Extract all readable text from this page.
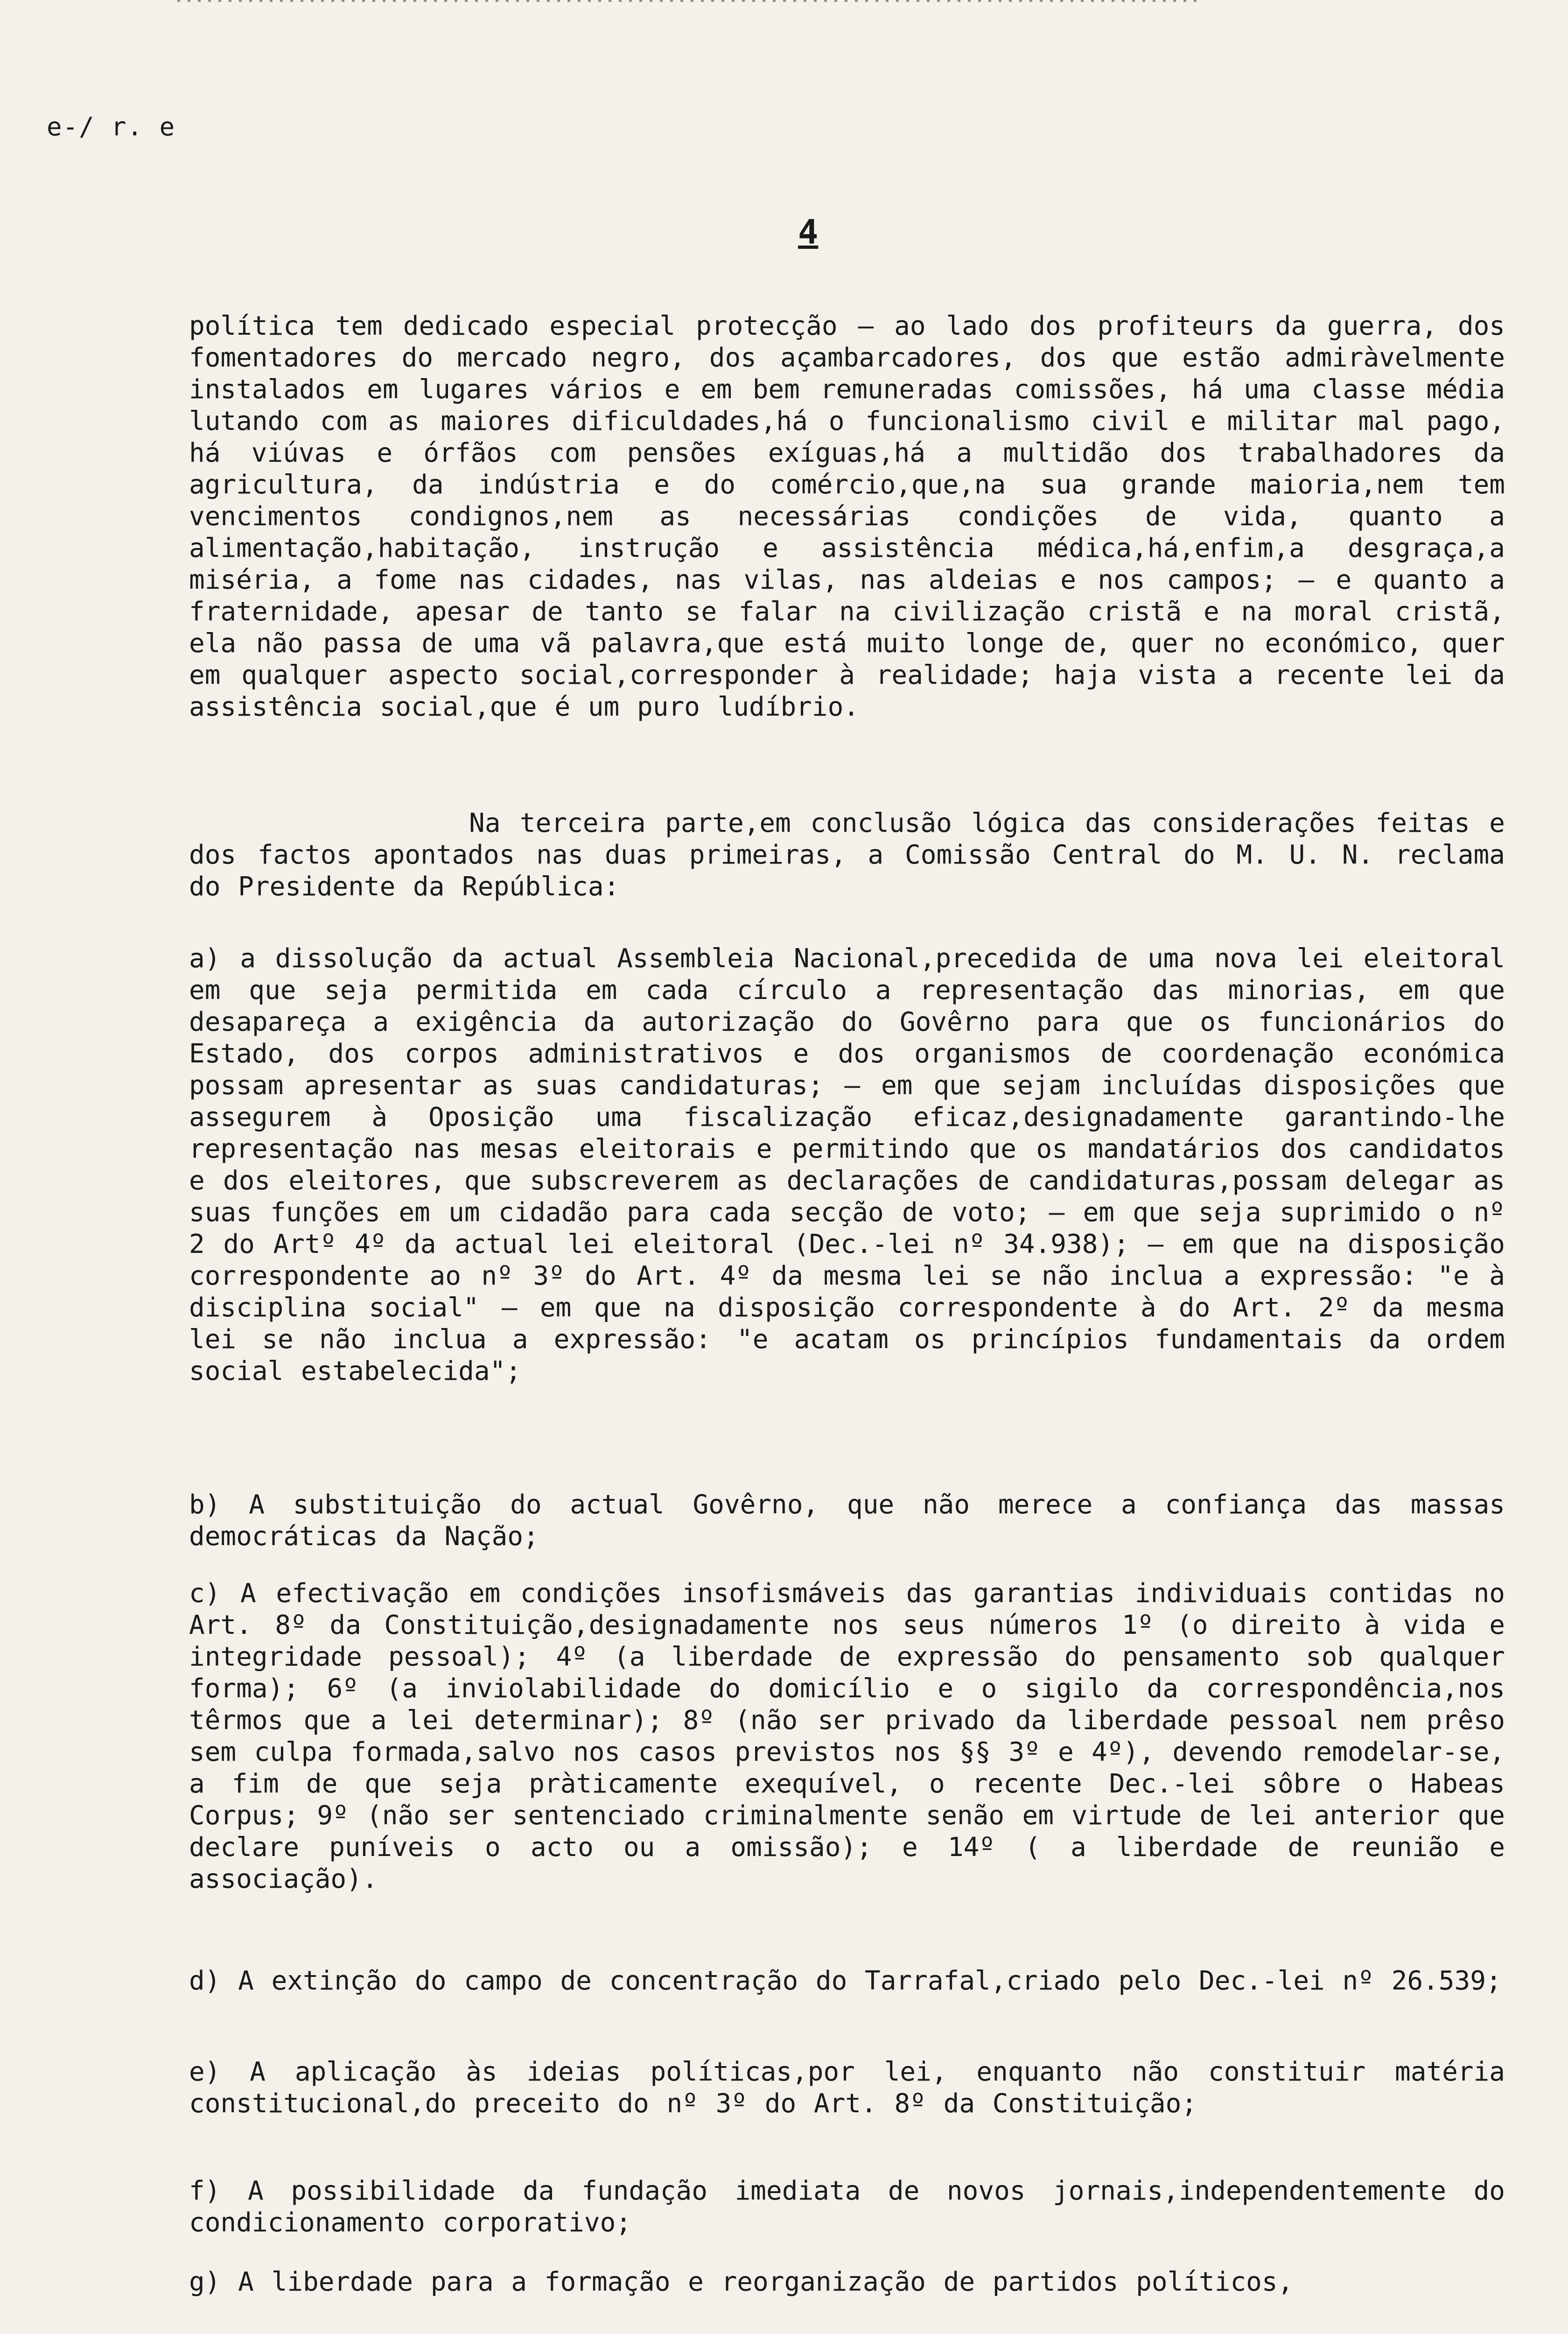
e-/ r. e
4

política tem dedicado especial protecção — ao lado dos profiteurs da guerra, dos fomentadores do mercado negro, dos açambarcadores, dos que estão admiràvelmente instalados em lugares vários e em bem remuneradas comissões, há uma classe média lutando com as maiores dificuldades,há o funcionalismo civil e militar mal pago, há viúvas e órfãos com pensões exíguas,há a multidão dos trabalhadores da agricultura, da indústria e do comércio,que,na sua grande maioria,nem tem vencimentos condignos,nem as necessárias condições de vida, quanto a alimentação,habitação, instrução e assistência médica,há,enfim,a desgraça,a miséria, a fome nas cidades, nas vilas, nas aldeias e nos campos; — e quanto a fraternidade, apesar de tanto se falar na civilização cristã e na moral cristã, ela não passa de uma vã palavra,que está muito longe de, quer no económico, quer em qualquer aspecto social,corresponder à realidade; haja vista a recente lei da assistência social,que é um puro ludíbrio.

Na terceira parte,em conclusão lógica das considerações feitas e dos factos apontados nas duas primeiras, a Comissão Central do M. U. N. reclama do Presidente da República:

a) a dissolução da actual Assembleia Nacional,precedida de uma nova lei eleitoral em que seja permitida em cada círculo a representação das minorias, em que desapareça a exigência da autorização do Govêrno para que os funcionários do Estado, dos corpos administrativos e dos organismos de coordenação económica possam apresentar as suas candidaturas; — em que sejam incluídas disposições que assegurem à Oposição uma fiscalização eficaz,designadamente garantindo-lhe representação nas mesas eleitorais e permitindo que os mandatários dos candidatos e dos eleitores, que subscreverem as declarações de candidaturas,possam delegar as suas funções em um cidadão para cada secção de voto; — em que seja suprimido o nº 2 do Artº 4º da actual lei eleitoral (Dec.-lei nº 34.938); — em que na disposição correspondente ao nº 3º do Art. 4º da mesma lei se não inclua a expressão: "e à disciplina social" — em que na disposição correspondente à do Art. 2º da mesma lei se não inclua a expressão: "e acatam os princípios fundamentais da ordem social estabelecida";

b) A substituição do actual Govêrno, que não merece a confiança das massas democráticas da Nação;

c) A efectivação em condições insofismáveis das garantias individuais contidas no Art. 8º da Constituição,designadamente nos seus números 1º (o direito à vida e integridade pessoal); 4º (a liberdade de expressão do pensamento sob qualquer forma); 6º (a inviolabilidade do domicílio e o sigilo da correspondência,nos têrmos que a lei determinar); 8º (não ser privado da liberdade pessoal nem prêso sem culpa formada,salvo nos casos previstos nos §§ 3º e 4º), devendo remodelar-se, a fim de que seja pràticamente exequível, o recente Dec.-lei sôbre o Habeas Corpus; 9º (não ser sentenciado criminalmente senão em virtude de lei anterior que declare puníveis o acto ou a omissão); e 14º ( a liberdade de reunião e associação).

d) A extinção do campo de concentração do Tarrafal,criado pelo Dec.-lei nº 26.539;

e) A aplicação às ideias políticas,por lei, enquanto não constituir matéria constitucional,do preceito do nº 3º do Art. 8º da Constituição;

f) A possibilidade da fundação imediata de novos jornais,independentemente do condicionamento corporativo;

g) A liberdade para a formação e reorganização de partidos políticos,
